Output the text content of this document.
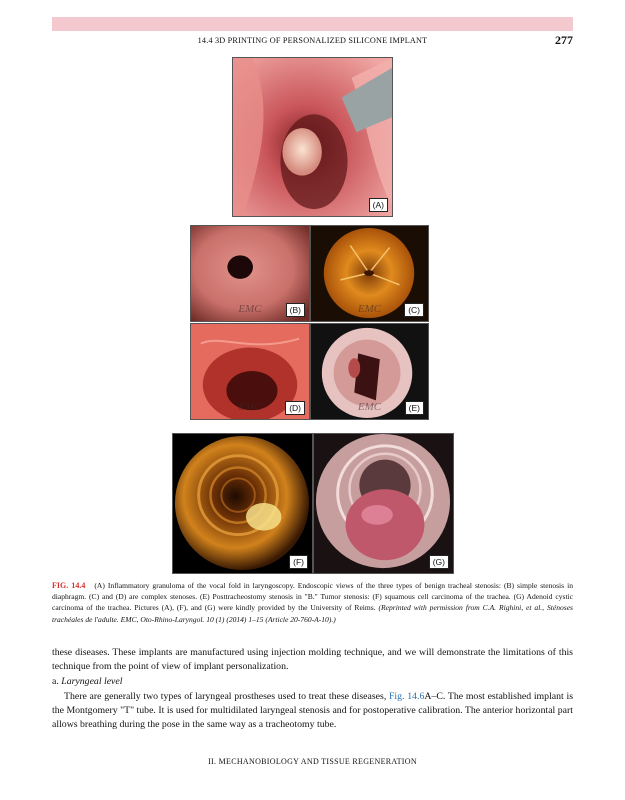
14.4 3D PRINTING OF PERSONALIZED SILICONE IMPLANT	277
(A)
EMC	(B)	EMC	(C)
EMC	(D)	EMC	(E)
(F)	(G)
FIG. 14.4 (A) Inflammatory granuloma of the vocal fold in laryngoscopy. Endoscopic views of the three types of benign tracheal stenosis: (B) simple stenosis in diaphragm. (C) and (D) are complex stenoses. (E) Posttracheostomy stenosis in "B." Tumor stenosis: (F) squamous cell carcinoma of the trachea. (G) Adenoid cystic carcinoma of the trachea. Pictures (A), (F), and (G) were kindly provided by the University of Reims. (Reprinted with permission from C.A. Righini, et al., Sténoses trachéales de l'adulte. EMC, Oto-Rhino-Laryngol. 10 (1) (2014) 1–15 (Article 20-760-A-10).)
these diseases. These implants are manufactured using injection molding technique, and we will demonstrate the limitations of this technique from the point of view of implant personalization.
a. Laryngeal level
There are generally two types of laryngeal prostheses used to treat these diseases, Fig. 14.6A–C. The most established implant is the Montgomery "T" tube. It is used for multidilated laryngeal stenosis and for postoperative calibration. The anterior horizontal part allows breathing during the pose in the same way as a tracheotomy tube.
II. MECHANOBIOLOGY AND TISSUE REGENERATION
